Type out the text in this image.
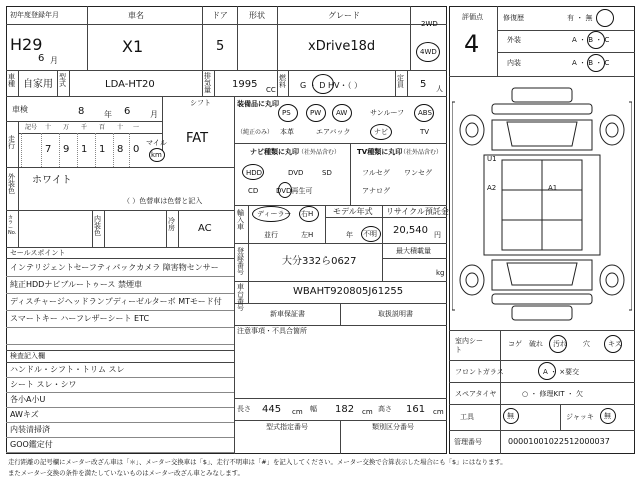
初年度登録年月
H29
6 月
車名
X1
ドア
5
形状	グレード
xDrive18d
2WD
4WD
車種 自家用
型式	LDA-HT20
排気量 1995 CC
燃料 G ・ D HV・（ ）
定員 5 人
車検	8 年 6 月
シフト
FAT
走行
記号 十 万 千 百 十 一
7 9 1 1 8 0
マイル
km
外装色
ホワイト
（ ）色替車は色替と記入
カラーNo.
内装色
冷房 AC
セールスポイント
インテリジェントセーフティパックカメラ 障害物センサー
純正HDDナビブルートゥース 禁煙車
ディスチャージヘッドランプディーゼルターボ MTモード付
スマートキー ハーフレザーシート ETC
検査記入欄
ハンドル・シフト・トリム スレ
シート スレ・シワ
各小A小U
AWキズ
内装清掃済
GOO鑑定付
装備品に丸印
（純正のみ）
PS	PW AW	サンルーフ ABS
本革	エアバック	ナビ	TV
ナビ種類に丸印 （社外品含む） TV種類に丸印
（社外品含む）
HDD	DVD	SD
CD	DVD再生可
フルセグ ワンセグ
アナログ
輸入車
ディーラー 右H
並行	左H
モデル年式
年 不明
リサイクル預託金
20,540 円
登録番号
大分332ら0627
最大積載量
kg
車台番号
WBAHT920805J61255
新車保証書	取扱説明書
注意事項・不具合箇所
長さ 445 cm 幅 182 cm 高さ 161 cm
型式指定番号	類別区分番号
評価点
4
修復歴	有 ・ 無
外装	A ・ B ・ C
内装	A ・ B ・ C
U1
A2	A1
室内シート
コゲ 破れ 汚れ 穴	キズ
フロントガラス	A ・ ×要交
スペアタイヤ	○ ・ 修理KIT ・ 欠
工具	無	ジャッキ 無
管理番号	00001001022512000037
走行距離の記号欄にメーター改ざん車は「＊」、メーター交換車は「$」、走行不明車は「#」を記入してください。メーター交換で合算表示した場合にも「$」にはなります。
またメーター交換の条件を満たしていないものはメーター改ざん車とみなします。
